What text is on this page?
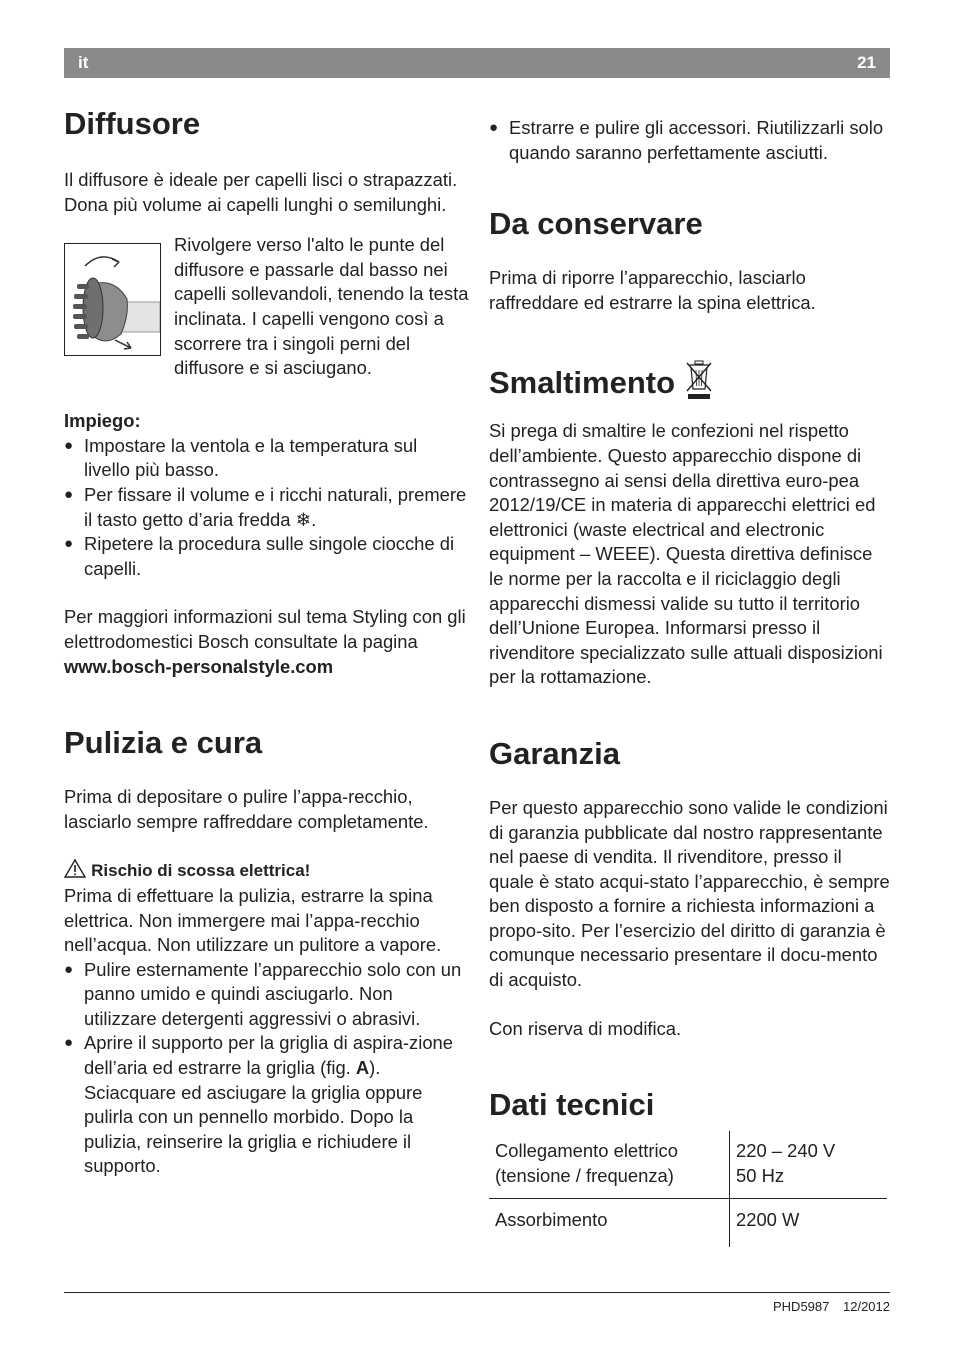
it	21
Diffusore

Il diffusore è ideale per capelli lisci o strapazzati. Dona più volume ai capelli lunghi o semilunghi.

Rivolgere verso l'alto le punte del diffusore e passarle dal basso nei capelli sollevandoli, tenendo la testa inclinata. I capelli vengono così a scorrere tra i singoli perni del diffusore e si asciugano.

Impiego:

● Impostare la ventola e la temperatura sul livello più basso.

● Per fissare il volume e i ricchi naturali, premere il tasto getto d’aria fredda ❄.

● Ripetere la procedura sulle singole ciocche di capelli.

Per maggiori informazioni sul tema Styling con gli elettrodomestici Bosch consultate la pagina www.bosch-personalstyle.com

Pulizia e cura

Prima di depositare o pulire l’appa-recchio, lasciarlo sempre raffreddare completamente.

Rischio di scossa elettrica!

Prima di effettuare la pulizia, estrarre la spina elettrica. Non immergere mai l’appa-recchio nell’acqua. Non utilizzare un pulitore a vapore.

● Pulire esternamente l’apparecchio solo con un panno umido e quindi asciugarlo. Non utilizzare detergenti aggressivi o abrasivi.

● Aprire il supporto per la griglia di aspira-zione dell’aria ed estrarre la griglia (fig. A). Sciacquare ed asciugare la griglia oppure pulirla con un pennello morbido. Dopo la pulizia, reinserire la griglia e richiudere il supporto.

● Estrarre e pulire gli accessori. Riutilizzarli solo quando saranno perfettamente asciutti.

Da conservare

Prima di riporre l’apparecchio, lasciarlo raffreddare ed estrarre la spina elettrica.

Smaltimento

Si prega di smaltire le confezioni nel rispetto dell’ambiente. Questo apparecchio dispone di contrassegno ai sensi della direttiva euro-pea 2012/19/CE in materia di apparecchi elettrici ed elettronici (waste electrical and electronic equipment – WEEE). Questa direttiva definisce le norme per la raccolta e il riciclaggio degli apparecchi dismessi valide su tutto il territorio dell’Unione Europea. Informarsi presso il rivenditore specializzato sulle attuali disposizioni per la rottamazione.

Garanzia

Per questo apparecchio sono valide le condizioni di garanzia pubblicate dal nostro rappresentante nel paese di vendita. Il rivenditore, presso il quale è stato acqui-stato l’apparecchio, è sempre ben disposto a fornire a richiesta informazioni a propo-sito. Per l’esercizio del diritto di garanzia è comunque necessario presentare il docu-mento di acquisto.

Con riserva di modifica.

Dati tecnici
Collegamento elettrico
(tensione / frequenza)	220 – 240 V
50 Hz
Assorbimento	2200 W
PHD5987 12/2012
